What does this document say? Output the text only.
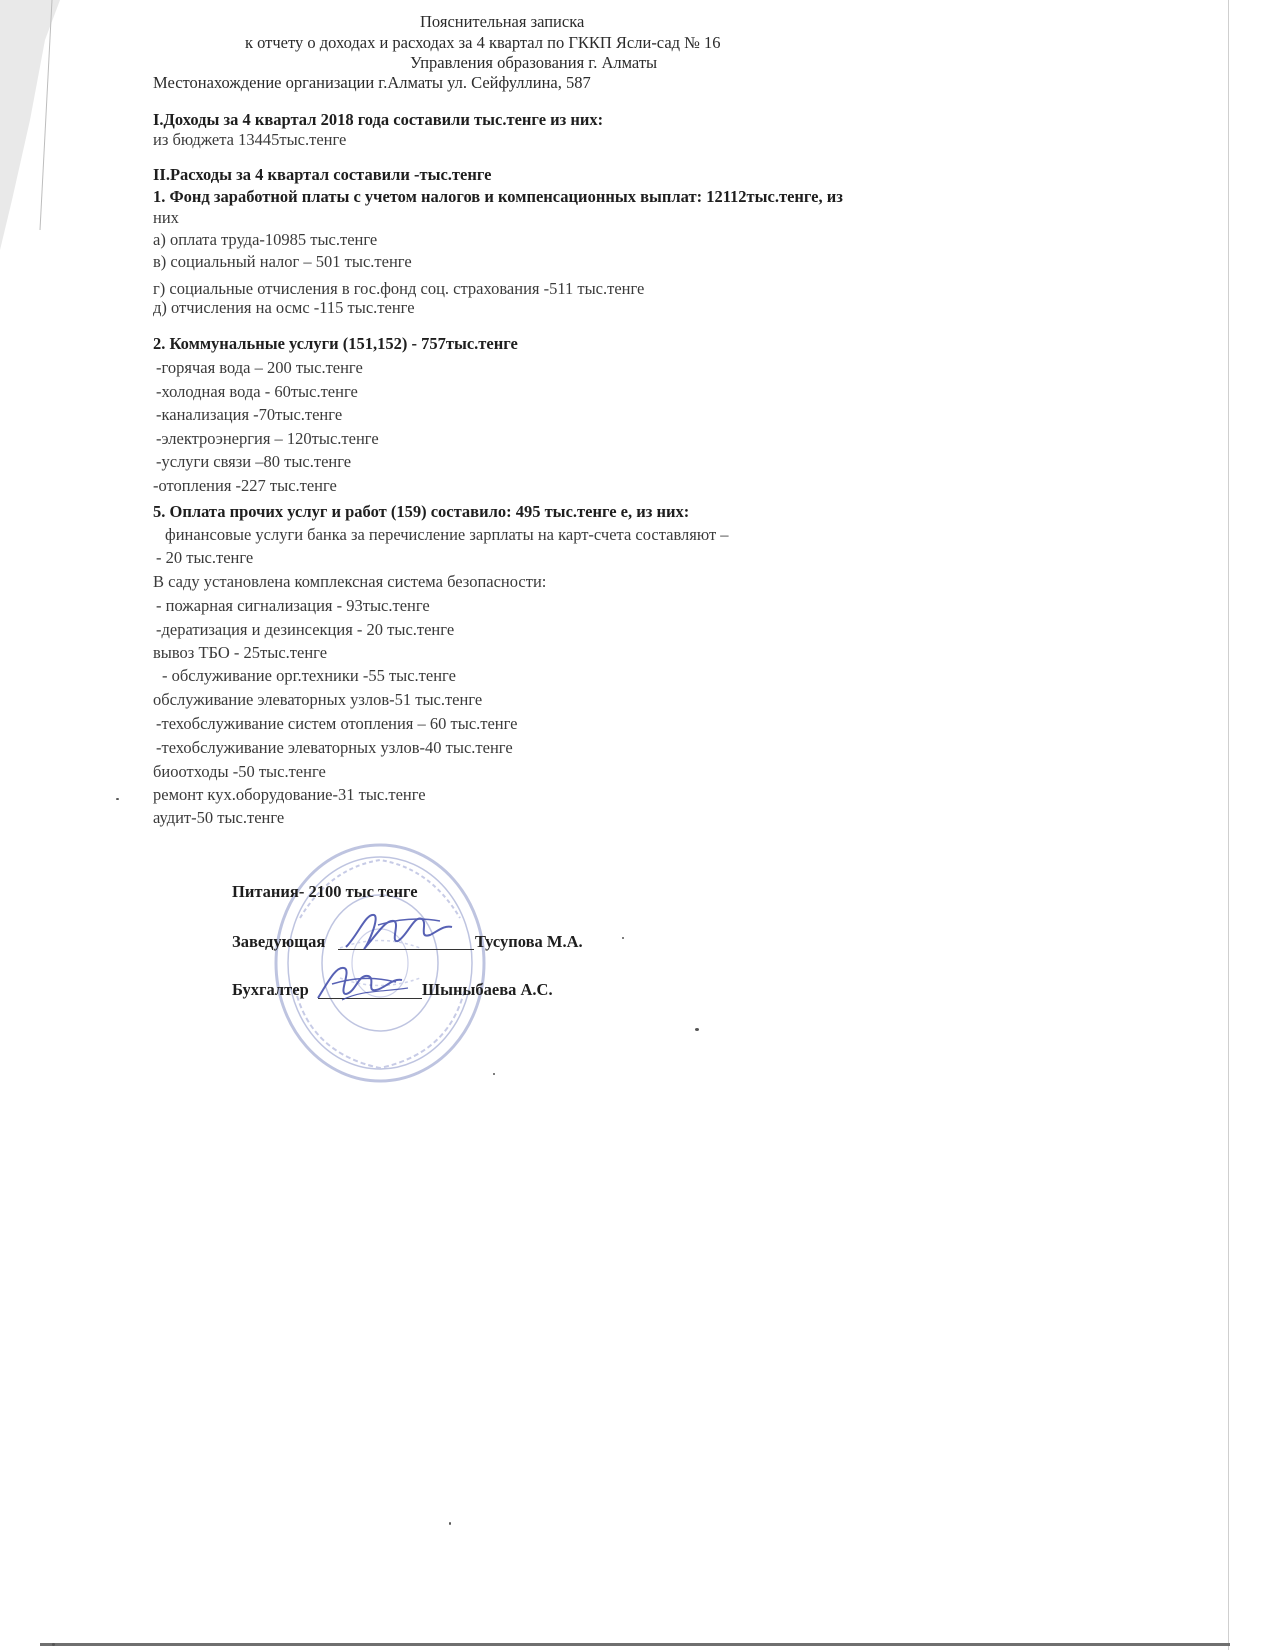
Пояснительная записка
к отчету о доходах и расходах за 4 квартал по ГККП Ясли-сад № 16
Управления образования г. Алматы
Местонахождение организации г.Алматы ул. Сейфуллина, 587
I.Доходы за 4 квартал 2018 года составили тыс.тенге из них:
из бюджета 13445тыс.тенге
II.Расходы за 4 квартал составили -тыс.тенге
1. Фонд заработной платы с учетом налогов и компенсационных выплат: 12112тыс.тенге, из
них
а) оплата труда-10985 тыс.тенге
в) социальный налог – 501 тыс.тенге
г) социальные отчисления в гос.фонд соц. страхования -511 тыс.тенге
д) отчисления на осмс -115 тыс.тенге
2. Коммунальные услуги (151,152) - 757тыс.тенге
-горячая вода – 200 тыс.тенге
-холодная вода - 60тыс.тенге
-канализация -70тыс.тенге
-электроэнергия – 120тыс.тенге
-услуги связи –80 тыс.тенге
-отопления -227 тыс.тенге
5. Оплата прочих услуг и работ (159) составило: 495 тыс.тенге е, из них:
финансовые услуги банка за перечисление зарплаты на карт-счета составляют –
- 20 тыс.тенге
В саду установлена комплексная система безопасности:
- пожарная сигнализация - 93тыс.тенге
-дератизация и дезинсекция - 20 тыс.тенге
вывоз ТБО - 25тыс.тенге
- обслуживание орг.техники -55 тыс.тенге
обслуживание элеваторных узлов-51 тыс.тенге
-техобслуживание систем отопления – 60 тыс.тенге
-техобслуживание элеваторных узлов-40 тыс.тенге
биоотходы -50 тыс.тенге
ремонт кух.оборудование-31 тыс.тенге
аудит-50 тыс.тенге
Питания- 2100 тыс тенге
Заведующая	Тусупова М.А.
Бухгалтер	Шыныбаева А.С.
